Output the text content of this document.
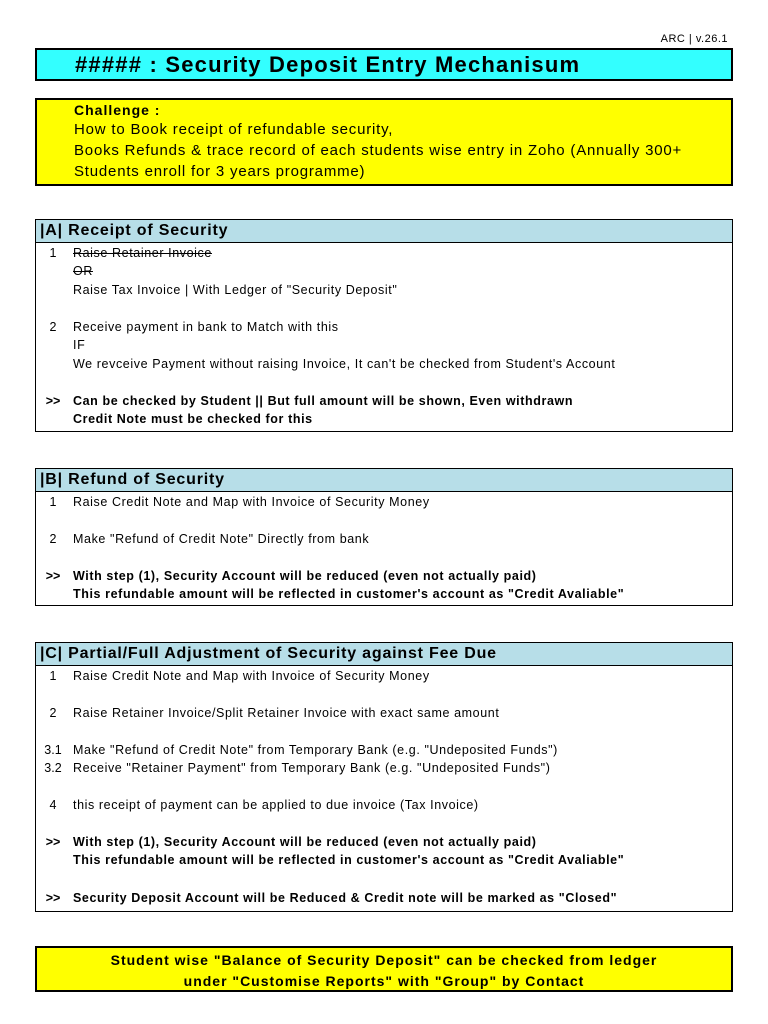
ARC | v.26.1
##### : Security Deposit Entry Mechanisum
Challenge :
How to Book receipt of refundable security,
Books Refunds & trace record of each students wise entry in Zoho (Annually 300+
Students enroll for 3 years programme)
|A| Receipt of Security
1	Raise Retainer Invoice
OR
Raise Tax Invoice | With Ledger of "Security Deposit"
2	Receive payment in bank to Match with this
IF
We revceive Payment without raising Invoice, It can't be checked from Student's Account
>>	Can be checked by Student || But full amount will be shown, Even withdrawn
Credit Note must be checked for this
|B| Refund of Security
1	Raise Credit Note and Map with Invoice of Security Money
2	Make "Refund of Credit Note" Directly from bank
>>	With step (1), Security Account will be reduced (even not actually paid)
This refundable amount will be reflected in customer's account as "Credit Avaliable"
|C| Partial/Full Adjustment of Security against Fee Due
1	Raise Credit Note and Map with Invoice of Security Money
2	Raise Retainer Invoice/Split Retainer Invoice with exact same amount
3.1 Make "Refund of Credit Note" from Temporary Bank (e.g. "Undeposited Funds")
3.2 Receive "Retainer Payment" from Temporary Bank (e.g. "Undeposited Funds")
4	this receipt of payment can be applied to due invoice (Tax Invoice)
>>	With step (1), Security Account will be reduced (even not actually paid)
This refundable amount will be reflected in customer's account as "Credit Avaliable"
>>	Security Deposit Account will be Reduced & Credit note will be marked as "Closed"
Student wise "Balance of Security Deposit" can be checked from ledger
under "Customise Reports" with "Group" by Contact
